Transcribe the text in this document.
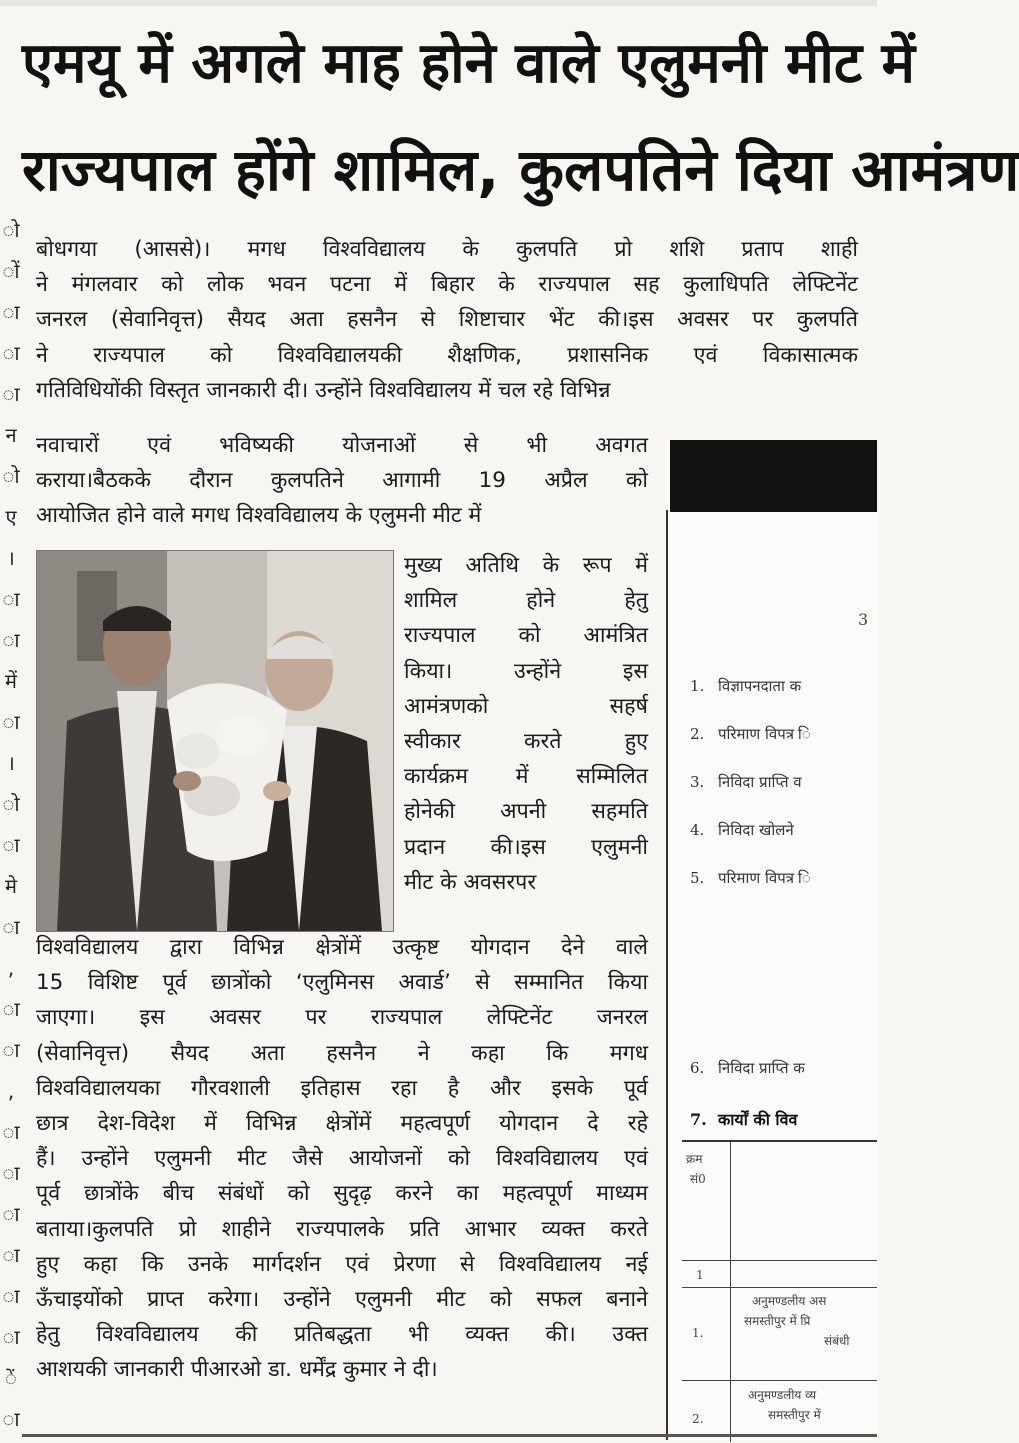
ो
ों
ा
ा
ा
न
ो
ए
।
ा
ा
में
ा
।
ो
ा
मे
ा
,
ा
ा
,
ा
ा
ा
ा
ा
ा
ें
ा
एमयू में अगले माह होने वाले एलुमनी मीट में
राज्यपाल होंगे शामिल, कुलपतिने दिया आमंत्रण
बोधगया (आससे)। मगध विश्वविद्यालय के कुलपति प्रो शशि प्रताप शाही
ने मंगलवार को लोक भवन पटना में बिहार के राज्यपाल सह कुलाधिपति लेफ्टिनेंट
जनरल (सेवानिवृत्त) सैयद अता हसनैन से शिष्टाचार भेंट की।इस अवसर पर कुलपति
ने राज्यपाल को विश्वविद्यालयकी शैक्षणिक, प्रशासनिक एवं विकासात्मक
गतिविधियोंकी विस्तृत जानकारी दी। उन्होंने विश्वविद्यालय में चल रहे विभिन्न
नवाचारों एवं भविष्यकी योजनाओं से भी अवगत
कराया।बैठकके दौरान कुलपतिने आगामी 19 अप्रैल को
आयोजित होने वाले मगध विश्वविद्यालय के एलुमनी मीट में
मुख्य अतिथि के रूप में
शामिल होने हेतु
राज्यपाल को आमंत्रित
किया। उन्होंने इस
आमंत्रणको सहर्ष
स्वीकार करते हुए
कार्यक्रम में सम्मिलित
होनेकी अपनी सहमति
प्रदान की।इस एलुमनी
मीट के अवसरपर
विश्वविद्यालय द्वारा विभिन्न क्षेत्रोंमें उत्कृष्ट योगदान देने वाले
15 विशिष्ट पूर्व छात्रोंको ‘एलुमिनस अवार्ड’ से सम्मानित किया
जाएगा। इस अवसर पर राज्यपाल लेफ्टिनेंट जनरल
(सेवानिवृत्त) सैयद अता हसनैन ने कहा कि मगध
विश्वविद्यालयका गौरवशाली इतिहास रहा है और इसके पूर्व
छात्र देश-विदेश में विभिन्न क्षेत्रोंमें महत्वपूर्ण योगदान दे रहे
हैं। उन्होंने एलुमनी मीट जैसे आयोजनों को विश्वविद्यालय एवं
पूर्व छात्रोंके बीच संबंधों को सुदृढ़ करने का महत्वपूर्ण माध्यम
बताया।कुलपति प्रो शाहीने राज्यपालके प्रति आभार व्यक्त करते
हुए कहा कि उनके मार्गदर्शन एवं प्रेरणा से विश्वविद्यालय नई
ऊँचाइयोंको प्राप्त करेगा। उन्होंने एलुमनी मीट को सफल बनाने
हेतु विश्वविद्यालय की प्रतिबद्धता भी व्यक्त की। उक्त
आशयकी जानकारी पीआरओ डा. धर्मेंद्र कुमार ने दी।
3
1. विज्ञापनदाता क
2. परिमाण विपत्र ि
3. निविदा प्राप्ति व
4. निविदा खोलने
5. परिमाण विपत्र ि
6. निविदा प्राप्ति क
7. कार्यों की विव
क्रम
सं0
1
1.
अनुमण्डलीय अस
समस्तीपुर में प्रि
संबंधी
2.
अनुमण्डलीय व्य
समस्तीपुर में
